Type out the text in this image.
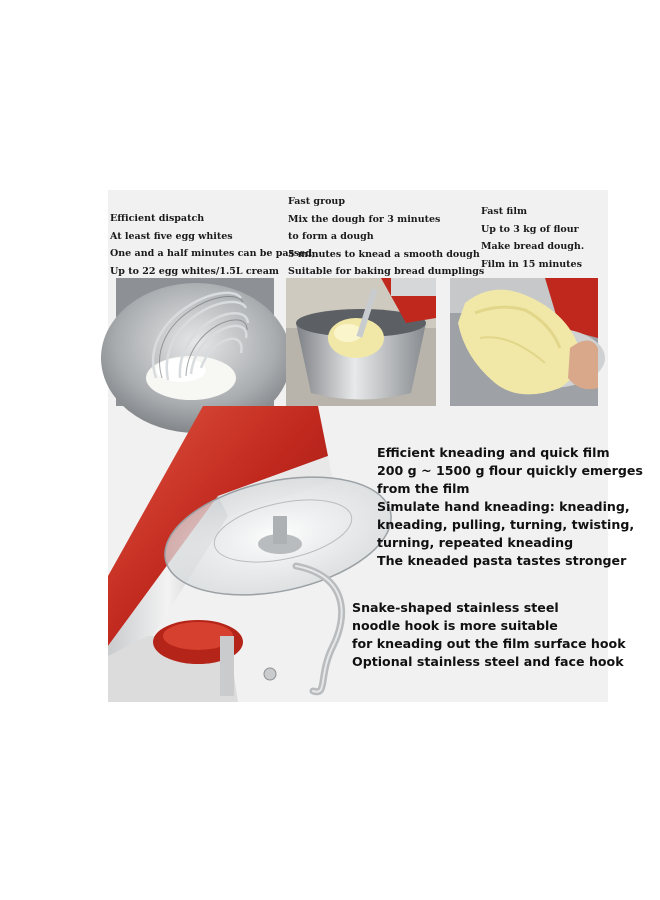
Efficient dispatch
At least five egg whites
One and a half minutes can be passed,
Up to 22 egg whites/1.5L cream
Fast group
Mix the dough for 3 minutes
to form a dough
5 minutes to knead a smooth dough
Suitable for baking bread dumplings
Fast film
Up to 3 kg of flour
Make bread dough.
Film in 15 minutes
Efficient kneading and quick film
200 g ~ 1500 g flour quickly emerges
from the film
Simulate hand kneading: kneading,
kneading, pulling, turning, twisting,
turning, repeated kneading
The kneaded pasta tastes stronger
Snake-shaped stainless steel
noodle hook is more suitable
for kneading out the film surface hook
Optional stainless steel and face hook
